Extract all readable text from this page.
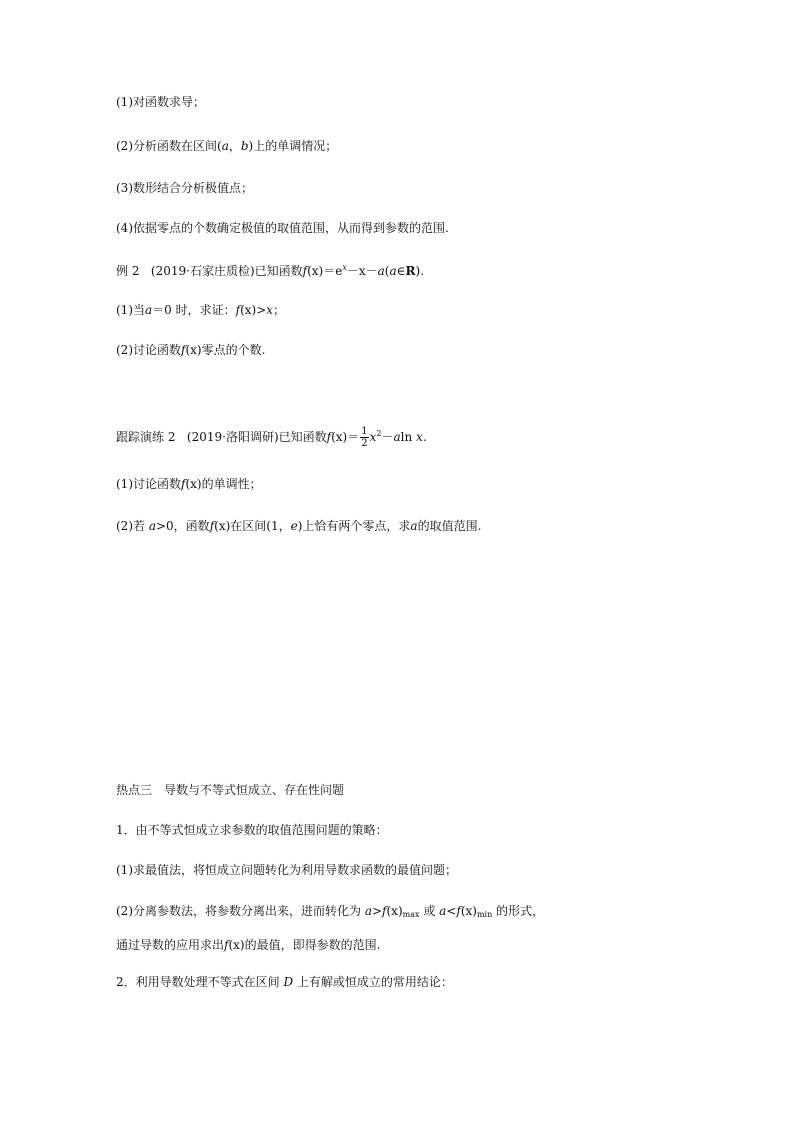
(1)对函数求导；
(2)分析函数在区间(a，b)上的单调情况；
(3)数形结合分析极值点；
(4)依据零点的个数确定极值的取值范围，从而得到参数的范围.
例 2 (2019·石家庄质检)已知函数$f(x)=e^x-x-a(a\in R)$.
(1)当a＝0 时，求证：f(x)>x；
(2)讨论函数f(x)零点的个数.
跟踪演练 2 (2019·洛阳调研)已知函数$f(x)= \frac{1}{2} x^2-aln$ x.
(1)讨论函数f(x)的单调性；
(2)若 a>0，函数f(x)在区间(1，e)上恰有两个零点，求a的取值范围.
热点三　导数与不等式恒成立、存在性问题
1．由不等式恒成立求参数的取值范围问题的策略：
(1)求最值法，将恒成立问题转化为利用导数求函数的最值问题；
(2)分离参数法，将参数分离出来，进而转化为 $a>f(x)_{max}$ 或 $a<f(x)_{min}$ 的形式，通过导数的应用求出f(x)的最值，即得参数的范围.
2．利用导数处理不等式在区间 D 上有解或恒成立的常用结论：
